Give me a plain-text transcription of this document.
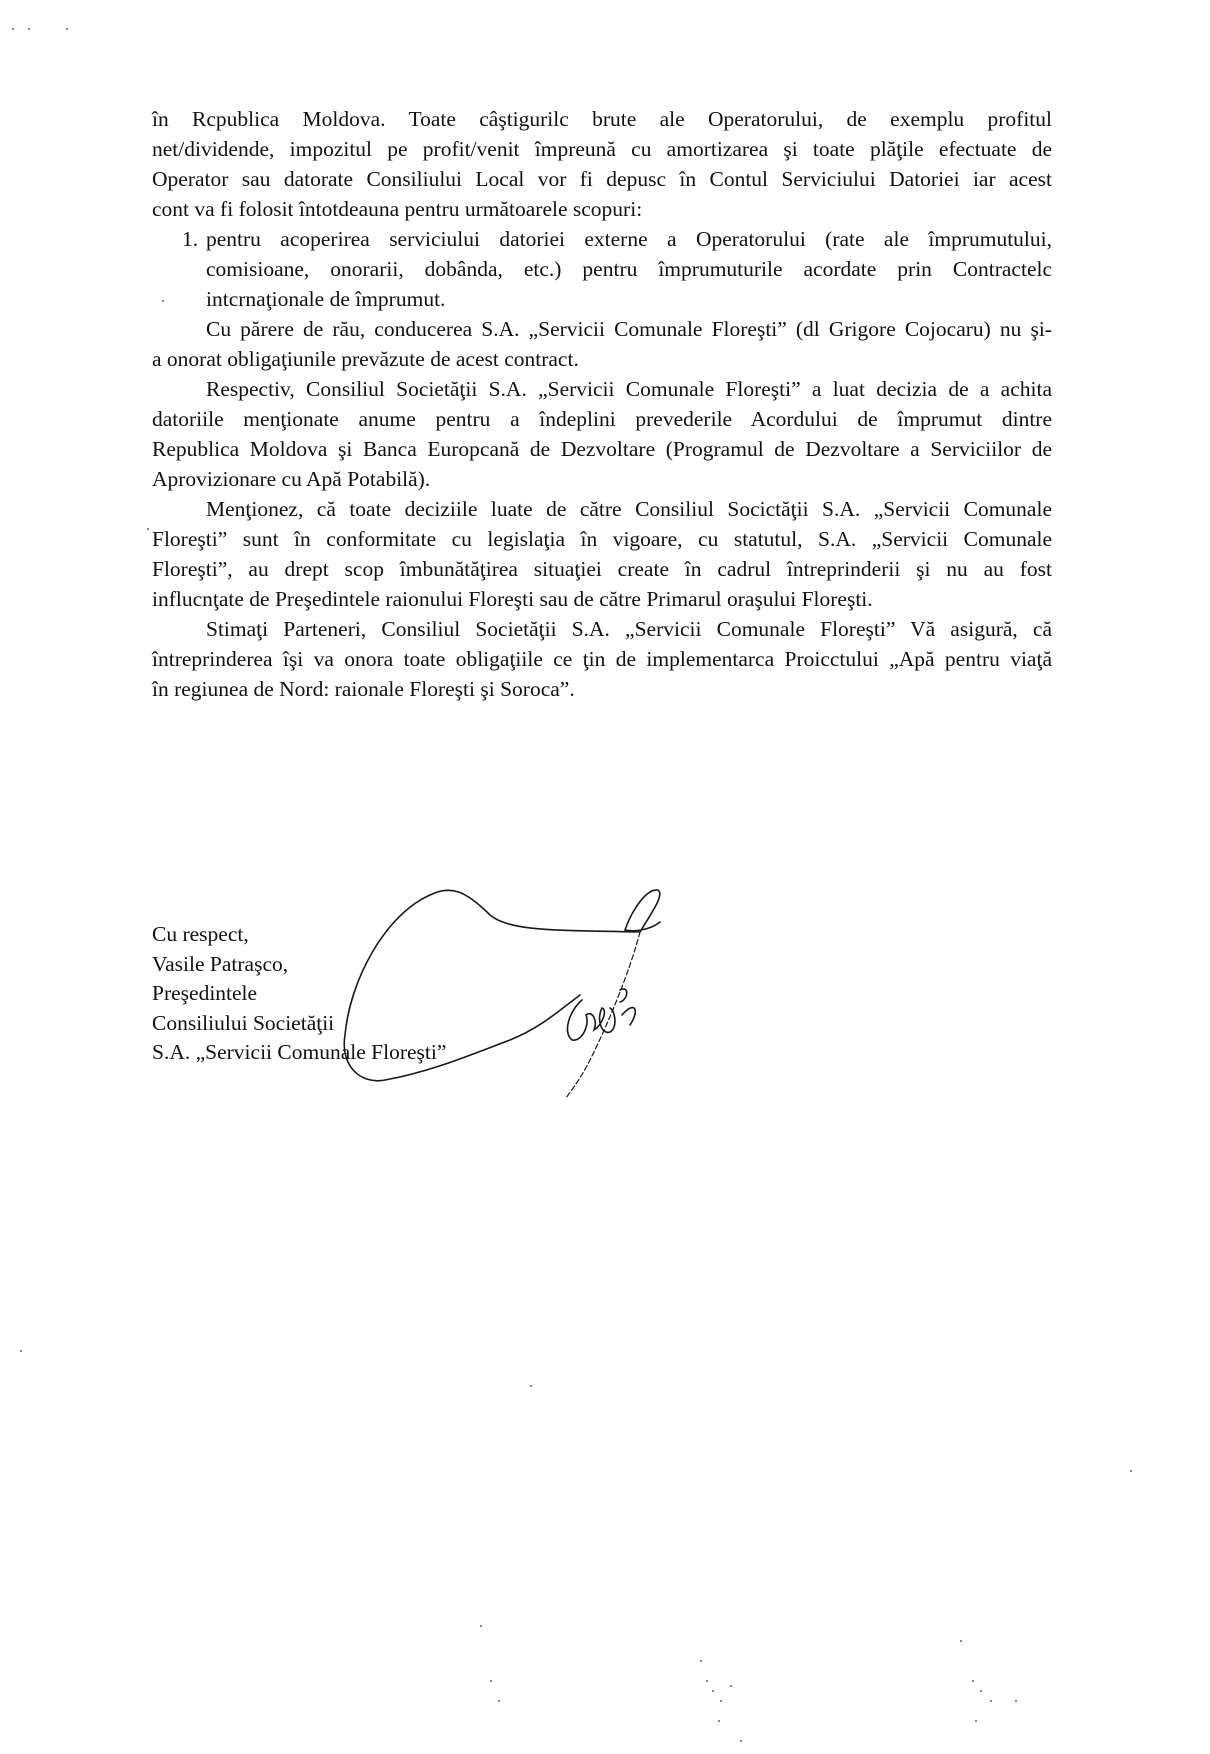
în Rcpublica Moldova. Toate câştigurilc brute ale Operatorului, de exemplu profitul
net/dividende, impozitul pe profit/venit împreună cu amortizarea şi toate plăţile efectuate de
Operator sau datorate Consiliului Local vor fi depusc în Contul Serviciului Datoriei iar acest
cont va fi folosit întotdeauna pentru următoarele scopuri:
1. pentru acoperirea serviciului datoriei externe a Operatorului (rate ale împrumutului,
comisioane, onorarii, dobânda, etc.) pentru împrumuturile acordate prin Contractelc
intcrnaţionale de împrumut.
Cu părere de rău, conducerea S.A. „Servicii Comunale Floreşti” (dl Grigore Cojocaru) nu şi-
a onorat obligaţiunile prevăzute de acest contract.
Respectiv, Consiliul Societăţii S.A. „Servicii Comunale Floreşti” a luat decizia de a achita
datoriile menţionate anume pentru a îndeplini prevederile Acordului de împrumut dintre
Republica Moldova şi Banca Europcană de Dezvoltare (Programul de Dezvoltare a Serviciilor de
Aprovizionare cu Apă Potabilă).
Menţionez, că toate deciziile luate de către Consiliul Socictăţii S.A. „Servicii Comunale
Floreşti” sunt în conformitate cu legislaţia în vigoare, cu statutul, S.A. „Servicii Comunale
Floreşti”, au drept scop îmbunătăţirea situaţiei create în cadrul întreprinderii şi nu au fost
influcnţate de Preşedintele raionului Floreşti sau de către Primarul oraşului Floreşti.
Stimaţi Parteneri, Consiliul Societăţii S.A. „Servicii Comunale Floreşti” Vă asigură, că
întreprinderea îşi va onora toate obligaţiile ce ţin de implementarca Proicctului „Apă pentru viaţă
în regiunea de Nord: raionale Floreşti şi Soroca”.
Cu respect,
Vasile Patraşco,
Preşedintele
Consiliului Societăţii
S.A. „Servicii Comunale Floreşti”
